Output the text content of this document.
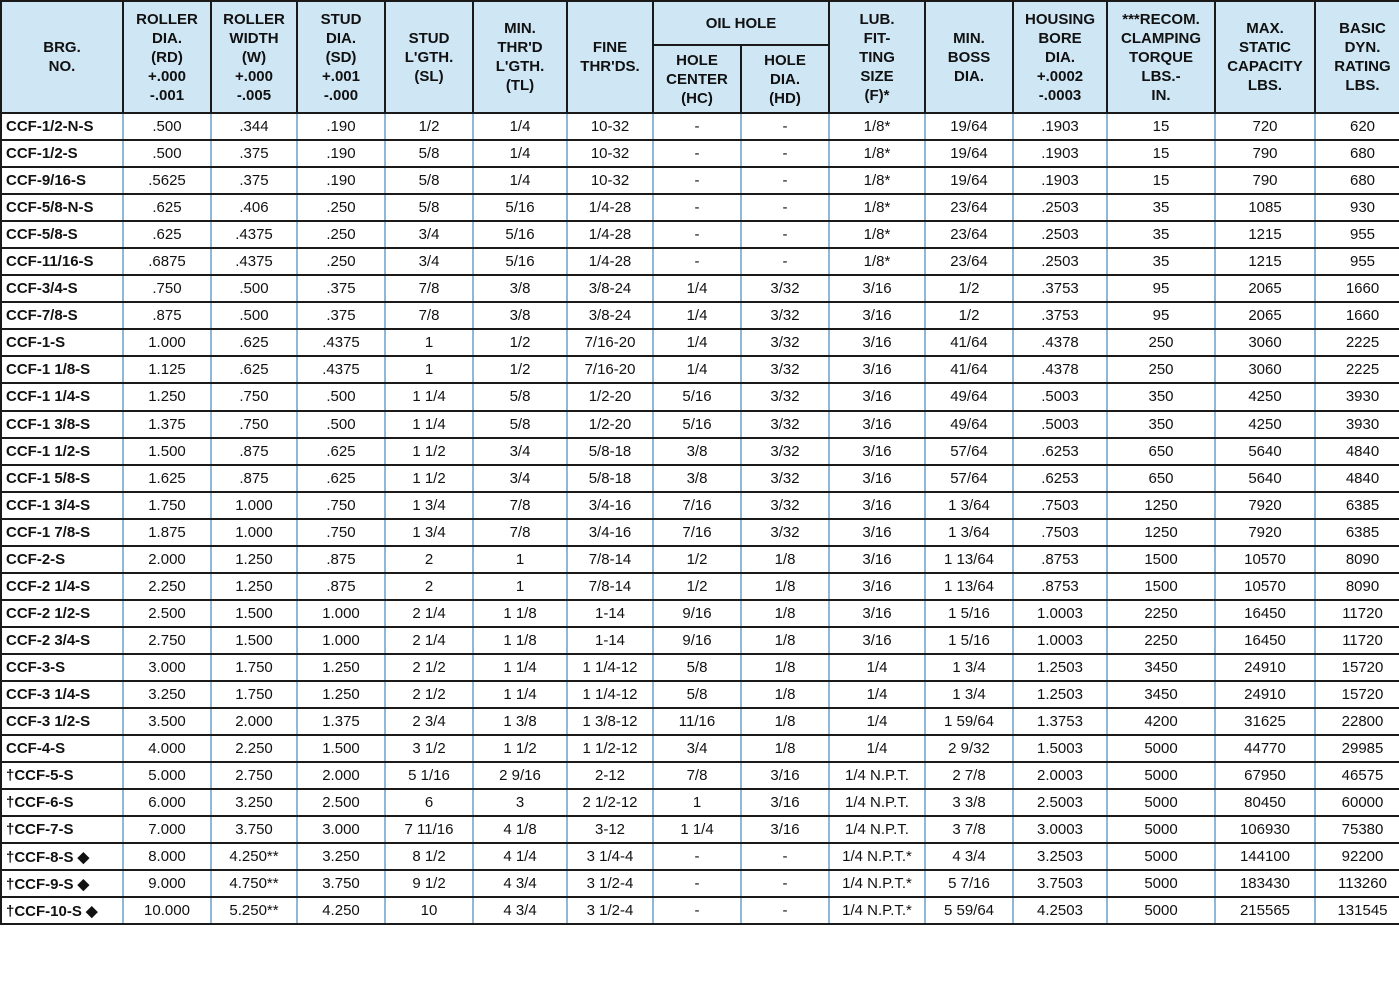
BRG.
NO.	ROLLER
DIA.
(RD)
+.000
-.001	ROLLER
WIDTH
(W)
+.000
-.005	STUD
DIA.
(SD)
+.001
-.000	STUD
L'GTH.
(SL)	MIN.
THR'D
L'GTH.
(TL)	FINE
THR'DS.	OIL HOLE		LUB.
FIT-
TING
SIZE
(F)*	MIN.
BOSS
DIA.	HOUSING
BORE
DIA.
+.0002
-.0003	***RECOM.
CLAMPING
TORQUE
LBS.-
IN.	MAX.
STATIC
CAPACITY
LBS.	BASIC
DYN.
RATING
LBS.
							HOLE
CENTER
(HC)	HOLE
DIA.
(HD)						
CCF-1/2-N-S	.500	.344	.190	1/2	1/4	10-32	-	-	1/8*	19/64	.1903	15	720	620
CCF-1/2-S	.500	.375	.190	5/8	1/4	10-32	-	-	1/8*	19/64	.1903	15	790	680
CCF-9/16-S	.5625	.375	.190	5/8	1/4	10-32	-	-	1/8*	19/64	.1903	15	790	680
CCF-5/8-N-S	.625	.406	.250	5/8	5/16	1/4-28	-	-	1/8*	23/64	.2503	35	1085	930
CCF-5/8-S	.625	.4375	.250	3/4	5/16	1/4-28	-	-	1/8*	23/64	.2503	35	1215	955
CCF-11/16-S	.6875	.4375	.250	3/4	5/16	1/4-28	-	-	1/8*	23/64	.2503	35	1215	955
CCF-3/4-S	.750	.500	.375	7/8	3/8	3/8-24	1/4	3/32	3/16	1/2	.3753	95	2065	1660
CCF-7/8-S	.875	.500	.375	7/8	3/8	3/8-24	1/4	3/32	3/16	1/2	.3753	95	2065	1660
CCF-1-S	1.000	.625	.4375	1	1/2	7/16-20	1/4	3/32	3/16	41/64	.4378	250	3060	2225
CCF-1 1/8-S	1.125	.625	.4375	1	1/2	7/16-20	1/4	3/32	3/16	41/64	.4378	250	3060	2225
CCF-1 1/4-S	1.250	.750	.500	1 1/4	5/8	1/2-20	5/16	3/32	3/16	49/64	.5003	350	4250	3930
CCF-1 3/8-S	1.375	.750	.500	1 1/4	5/8	1/2-20	5/16	3/32	3/16	49/64	.5003	350	4250	3930
CCF-1 1/2-S	1.500	.875	.625	1 1/2	3/4	5/8-18	3/8	3/32	3/16	57/64	.6253	650	5640	4840
CCF-1 5/8-S	1.625	.875	.625	1 1/2	3/4	5/8-18	3/8	3/32	3/16	57/64	.6253	650	5640	4840
CCF-1 3/4-S	1.750	1.000	.750	1 3/4	7/8	3/4-16	7/16	3/32	3/16	1 3/64	.7503	1250	7920	6385
CCF-1 7/8-S	1.875	1.000	.750	1 3/4	7/8	3/4-16	7/16	3/32	3/16	1 3/64	.7503	1250	7920	6385
CCF-2-S	2.000	1.250	.875	2	1	7/8-14	1/2	1/8	3/16	1 13/64	.8753	1500	10570	8090
CCF-2 1/4-S	2.250	1.250	.875	2	1	7/8-14	1/2	1/8	3/16	1 13/64	.8753	1500	10570	8090
CCF-2 1/2-S	2.500	1.500	1.000	2 1/4	1 1/8	1-14	9/16	1/8	3/16	1 5/16	1.0003	2250	16450	11720
CCF-2 3/4-S	2.750	1.500	1.000	2 1/4	1 1/8	1-14	9/16	1/8	3/16	1 5/16	1.0003	2250	16450	11720
CCF-3-S	3.000	1.750	1.250	2 1/2	1 1/4	1 1/4-12	5/8	1/8	1/4	1 3/4	1.2503	3450	24910	15720
CCF-3 1/4-S	3.250	1.750	1.250	2 1/2	1 1/4	1 1/4-12	5/8	1/8	1/4	1 3/4	1.2503	3450	24910	15720
CCF-3 1/2-S	3.500	2.000	1.375	2 3/4	1 3/8	1 3/8-12	11/16	1/8	1/4	1 59/64	1.3753	4200	31625	22800
CCF-4-S	4.000	2.250	1.500	3 1/2	1 1/2	1 1/2-12	3/4	1/8	1/4	2 9/32	1.5003	5000	44770	29985
†CCF-5-S	5.000	2.750	2.000	5 1/16	2 9/16	2-12	7/8	3/16	1/4 N.P.T.	2 7/8	2.0003	5000	67950	46575
†CCF-6-S	6.000	3.250	2.500	6	3	2 1/2-12	1	3/16	1/4 N.P.T.	3 3/8	2.5003	5000	80450	60000
†CCF-7-S	7.000	3.750	3.000	7 11/16	4 1/8	3-12	1 1/4	3/16	1/4 N.P.T.	3 7/8	3.0003	5000	106930	75380
†CCF-8-S ◆	8.000	4.250**	3.250	8 1/2	4 1/4	3 1/4-4	-	-	1/4 N.P.T.*	4 3/4	3.2503	5000	144100	92200
†CCF-9-S ◆	9.000	4.750**	3.750	9 1/2	4 3/4	3 1/2-4	-	-	1/4 N.P.T.*	5 7/16	3.7503	5000	183430	113260
†CCF-10-S ◆	10.000	5.250**	4.250	10	4 3/4	3 1/2-4	-	-	1/4 N.P.T.*	5 59/64	4.2503	5000	215565	131545
